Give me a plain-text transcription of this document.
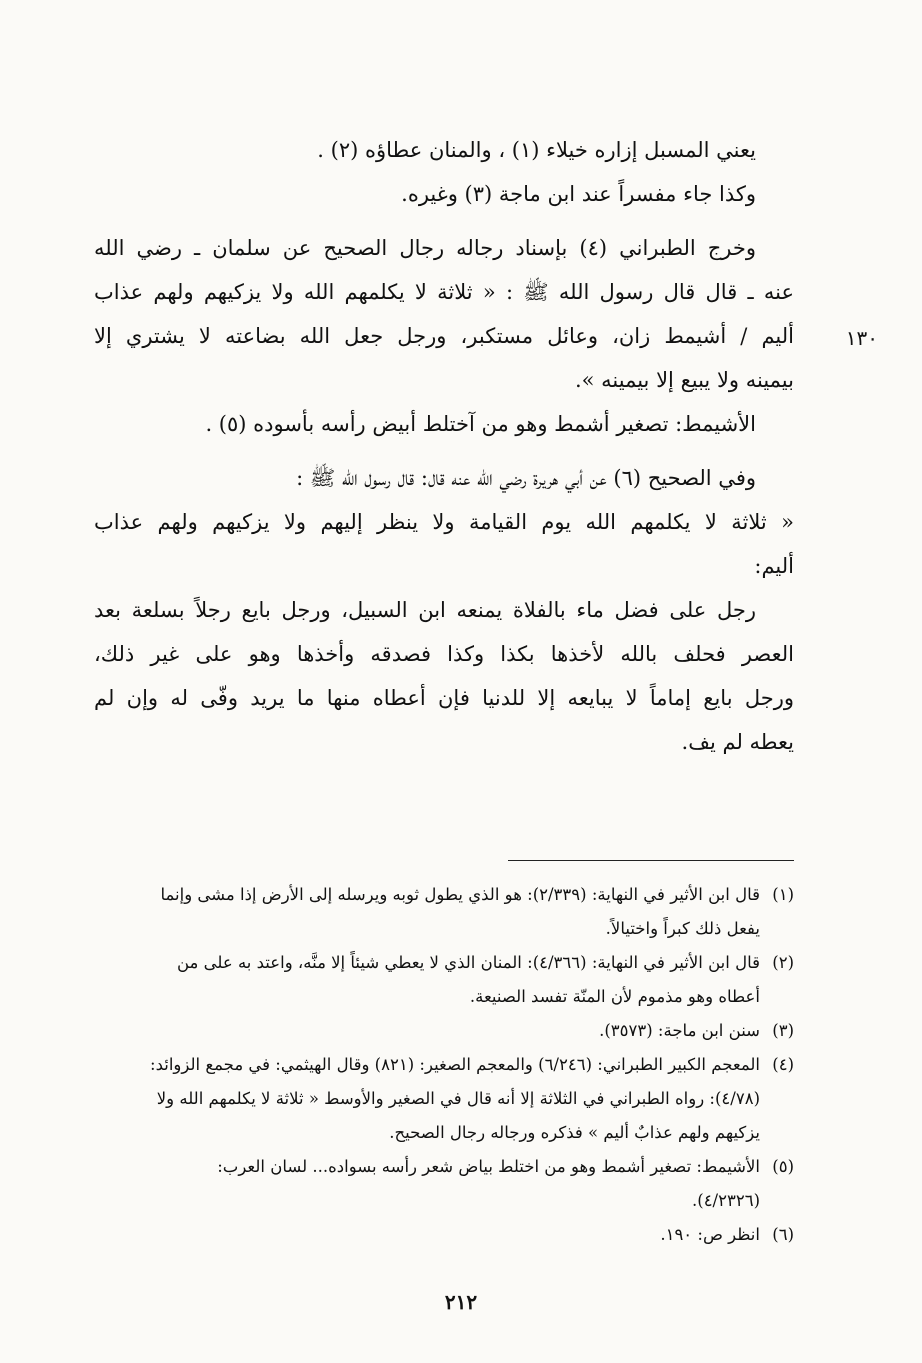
يعني المسبل إزاره خيلاء (١) ، والمنان عطاؤه (٢) .
وكذا جاء مفسراً عند ابن ماجة (٣) وغيره.
وخرج الطبراني (٤) بإسناد رجاله رجال الصحيح عن سلمان ـ رضي الله
عنه ـ قال قال رسول الله ﷺ : « ثلاثة لا يكلمهم الله ولا يزكيهم ولهم عذاب
أليم / أشيمط زان، وعائل مستكبر، ورجل جعل الله بضاعته لا يشتري إلا
بيمينه ولا يبيع إلا بيمينه ».
الأشيمط: تصغير أشمط وهو من آختلط أبيض رأسه بأسوده (٥) .
وفي الصحيح (٦) عن أبي هريرة رضي الله عنه قال: قال رسول الله ﷺ :
« ثلاثة لا يكلمهم الله يوم القيامة ولا ينظر إليهم ولا يزكيهم ولهم عذاب
أليم:
رجل على فضل ماء بالفلاة يمنعه ابن السبيل، ورجل بايع رجلاً بسلعة بعد
العصر فحلف بالله لأخذها بكذا وكذا فصدقه وأخذها وهو على غير ذلك،
ورجل بايع إماماً لا يبايعه إلا للدنيا فإن أعطاه منها ما يريد وفّى له وإن لم
يعطه لم يف.
١٣٠
(١)قال ابن الأثير في النهاية: (٢/٣٣٩): هو الذي يطول ثوبه ويرسله إلى الأرض إذا مشى وإنما
يفعل ذلك كبراً واختيالاً.
(٢)قال ابن الأثير في النهاية: (٤/٣٦٦): المنان الذي لا يعطي شيئاً إلا منَّه، واعتد به على من
أعطاه وهو مذموم لأن المنّة تفسد الصنيعة.
(٣)سنن ابن ماجة: (٣٥٧٣).
(٤)المعجم الكبير الطبراني: (٦/٢٤٦) والمعجم الصغير: (٨٢١) وقال الهيثمي: في مجمع الزوائد:
(٤/٧٨): رواه الطبراني في الثلاثة إلا أنه قال في الصغير والأوسط « ثلاثة لا يكلمهم الله ولا
يزكيهم ولهم عذابٌ أليم » فذكره ورجاله رجال الصحيح.
(٥)الأشيمط: تصغير أشمط وهو من اختلط بياض شعر رأسه بسواده... لسان العرب:
(٤/٢٣٢٦).
(٦)انظر ص: ١٩٠.
٢١٢
